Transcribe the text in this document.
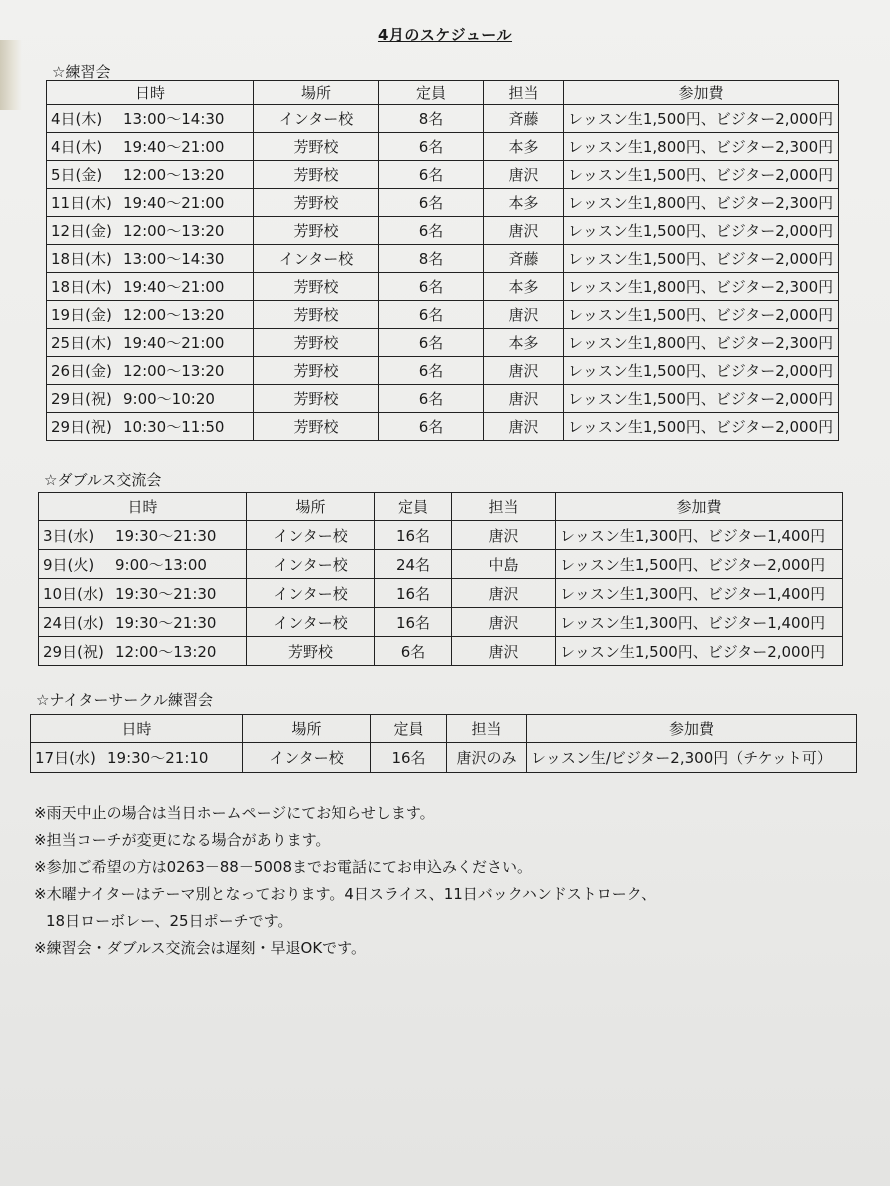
4月のスケジュール
☆練習会
日時	場所	定員	担当	参加費
4日(木) 13:00～14:30	インター校	8名	斉藤	レッスン生1,500円、ビジター2,000円
4日(木) 19:40～21:00	芳野校	6名	本多	レッスン生1,800円、ビジター2,300円
5日(金) 12:00～13:20	芳野校	6名	唐沢	レッスン生1,500円、ビジター2,000円
11日(木) 19:40～21:00	芳野校	6名	本多	レッスン生1,800円、ビジター2,300円
12日(金) 12:00～13:20	芳野校	6名	唐沢	レッスン生1,500円、ビジター2,000円
18日(木) 13:00～14:30	インター校	8名	斉藤	レッスン生1,500円、ビジター2,000円
18日(木) 19:40～21:00	芳野校	6名	本多	レッスン生1,800円、ビジター2,300円
19日(金) 12:00～13:20	芳野校	6名	唐沢	レッスン生1,500円、ビジター2,000円
25日(木) 19:40～21:00	芳野校	6名	本多	レッスン生1,800円、ビジター2,300円
26日(金) 12:00～13:20	芳野校	6名	唐沢	レッスン生1,500円、ビジター2,000円
29日(祝) 9:00～10:20	芳野校	6名	唐沢	レッスン生1,500円、ビジター2,000円
29日(祝) 10:30～11:50	芳野校	6名	唐沢	レッスン生1,500円、ビジター2,000円
☆ダブルス交流会
日時	場所	定員	担当	参加費
3日(水) 19:30～21:30	インター校	16名	唐沢	レッスン生1,300円、ビジター1,400円
9日(火) 9:00～13:00	インター校	24名	中島	レッスン生1,500円、ビジター2,000円
10日(水) 19:30～21:30	インター校	16名	唐沢	レッスン生1,300円、ビジター1,400円
24日(水) 19:30～21:30	インター校	16名	唐沢	レッスン生1,300円、ビジター1,400円
29日(祝) 12:00～13:20	芳野校	6名	唐沢	レッスン生1,500円、ビジター2,000円
☆ナイターサークル練習会
日時	場所	定員	担当	参加費
17日(水) 19:30～21:10	インター校	16名	唐沢のみ	レッスン生/ビジター2,300円（チケット可）
※雨天中止の場合は当日ホームページにてお知らせします。
※担当コーチが変更になる場合があります。
※参加ご希望の方は0263－88－5008までお電話にてお申込みください。
※木曜ナイターはテーマ別となっております。4日スライス、11日バックハンドストローク、
18日ローボレー、25日ポーチです。
※練習会・ダブルス交流会は遅刻・早退OKです。
